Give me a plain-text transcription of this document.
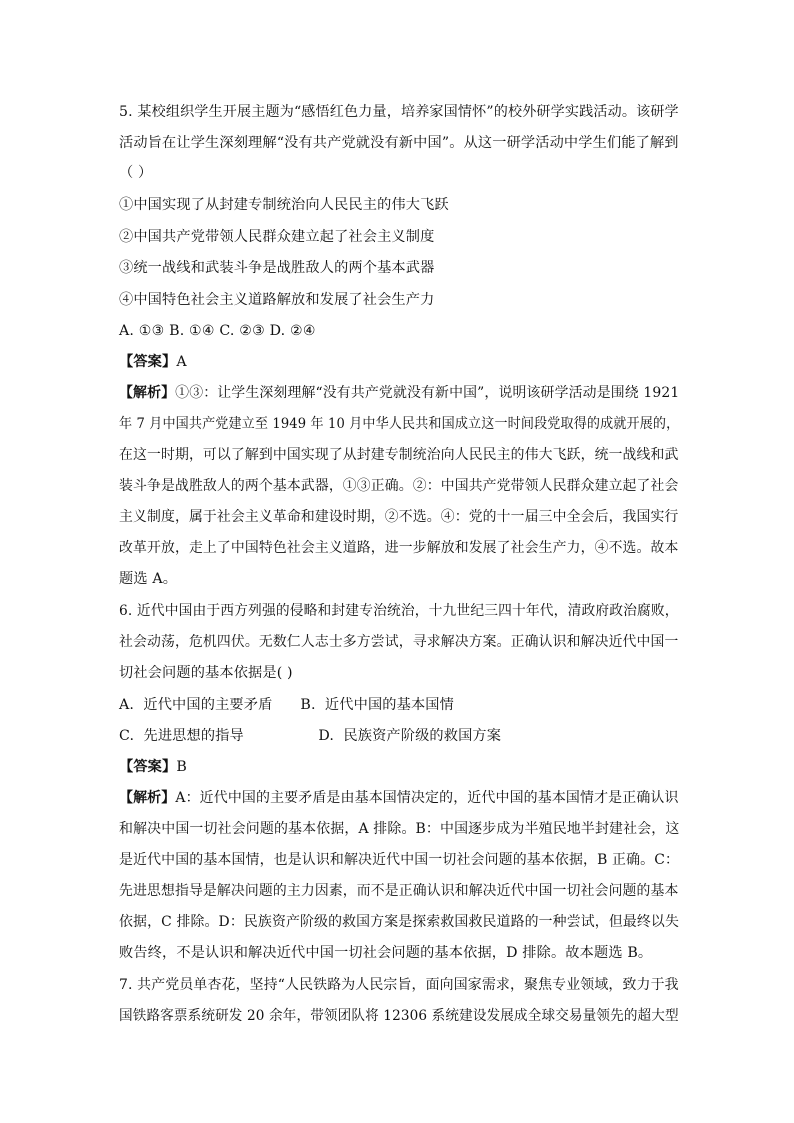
5. 某校组织学生开展主题为“感悟红色力量，培养家国情怀”的校外研学实践活动。该研学
活动旨在让学生深刻理解“没有共产党就没有新中国”。从这一研学活动中学生们能了解到
（ ）
①中国实现了从封建专制统治向人民民主的伟大飞跃
②中国共产党带领人民群众建立起了社会主义制度
③统一战线和武装斗争是战胜敌人的两个基本武器
④中国特色社会主义道路解放和发展了社会生产力
A. ①③ B. ①④ C. ②③ D. ②④
【答案】A
【解析】①③：让学生深刻理解“没有共产党就没有新中国”，说明该研学活动是围绕 1921
年 7 月中国共产党建立至 1949 年 10 月中华人民共和国成立这一时间段党取得的成就开展的，
在这一时期，可以了解到中国实现了从封建专制统治向人民民主的伟大飞跃，统一战线和武
装斗争是战胜敌人的两个基本武器，①③正确。②：中国共产党带领人民群众建立起了社会
主义制度，属于社会主义革命和建设时期，②不选。④：党的十一届三中全会后，我国实行
改革开放，走上了中国特色社会主义道路，进一步解放和发展了社会生产力，④不选。故本
题选 A。
6. 近代中国由于西方列强的侵略和封建专治统治，十九世纪三四十年代，清政府政治腐败，
社会动荡，危机四伏。无数仁人志士多方尝试，寻求解决方案。正确认识和解决近代中国一
切社会问题的基本依据是( )
A.  近代中国的主要矛盾      B.  近代中国的基本国情
C.  先进思想的指导                D.  民族资产阶级的救国方案
【答案】B
【解析】A：近代中国的主要矛盾是由基本国情决定的，近代中国的基本国情才是正确认识
和解决中国一切社会问题的基本依据，A 排除。B：中国逐步成为半殖民地半封建社会，这
是近代中国的基本国情，也是认识和解决近代中国一切社会问题的基本依据，B 正确。C：
先进思想指导是解决问题的主力因素，而不是正确认识和解决近代中国一切社会问题的基本
依据，C 排除。D：民族资产阶级的救国方案是探索救国救民道路的一种尝试，但最终以失
败告终，不是认识和解决近代中国一切社会问题的基本依据，D 排除。故本题选 B。
7. 共产党员单杏花，坚持“人民铁路为人民宗旨，面向国家需求，聚焦专业领域，致力于我
国铁路客票系统研发 20 余年，带领团队将 12306 系统建设发展成全球交易量领先的超大型
